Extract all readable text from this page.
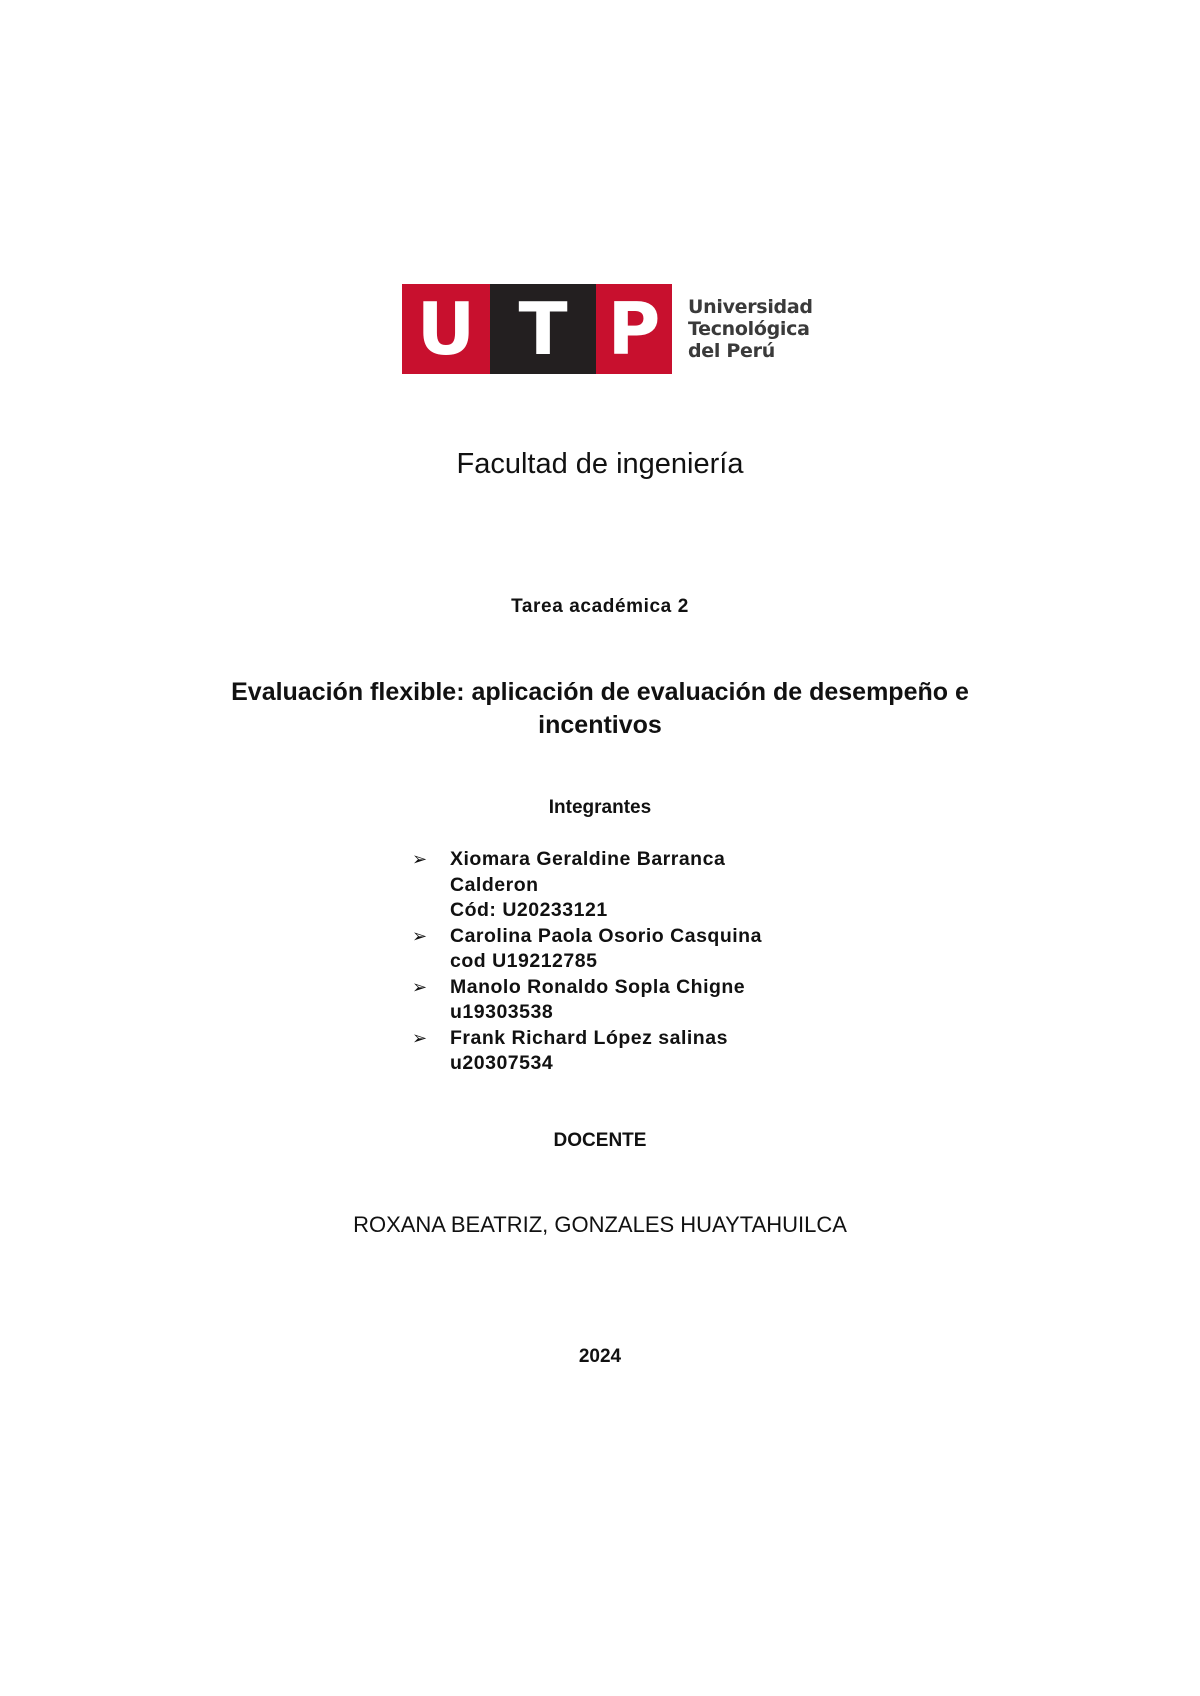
U T P	Universidad
Tecnológica
del Perú
Facultad de ingeniería
Tarea académica 2
Evaluación flexible: aplicación de evaluación de desempeño e incentivos
Integrantes
➢ Xiomara Geraldine Barranca
Calderon
Cód: U20233121
➢ Carolina Paola Osorio Casquina
cod U19212785
➢ Manolo Ronaldo Sopla Chigne
u19303538
➢ Frank Richard López salinas
u20307534
DOCENTE
ROXANA BEATRIZ, GONZALES HUAYTAHUILCA
2024
